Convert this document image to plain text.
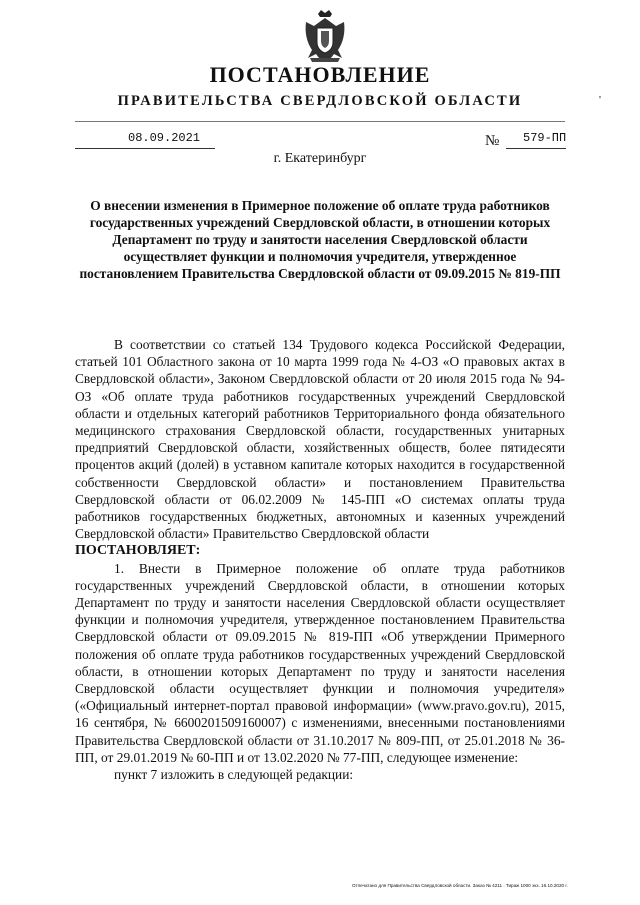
ПОСТАНОВЛЕНИЕ
ПРАВИТЕЛЬСТВА СВЕРДЛОВСКОЙ ОБЛАСТИ	'
08.09.2021	№ 579-ПП
г. Екатеринбург
О внесении изменения в Примерное положение об оплате труда работников государственных учреждений Свердловской области, в отношении которых Департамент по труду и занятости населения Свердловской области осуществляет функции и полномочия учредителя, утвержденное постановлением Правительства Свердловской области от 09.09.2015 № 819-ПП

В соответствии со статьей 134 Трудового кодекса Российской Федерации, статьей 101 Областного закона от 10 марта 1999 года № 4-ОЗ «О правовых актах в Свердловской области», Законом Свердловской области от 20 июля 2015 года № 94-ОЗ «Об оплате труда работников государственных учреждений Свердловской области и отдельных категорий работников Территориального фонда обязательного медицинского страхования Свердловской области, государственных унитарных предприятий Свердловской области, хозяйственных обществ, более пятидесяти процентов акций (долей) в уставном капитале которых находится в государственной собственности Свердловской области» и постановлением Правительства Свердловской области от 06.02.2009 № 145-ПП «О системах оплаты труда работников государственных бюджетных, автономных и казенных учреждений Свердловской области» Правительство Свердловской области

ПОСТАНОВЛЯЕТ:

1. Внести в Примерное положение об оплате труда работников государственных учреждений Свердловской области, в отношении которых Департамент по труду и занятости населения Свердловской области осуществляет функции и полномочия учредителя, утвержденное постановлением Правительства Свердловской области от 09.09.2015 № 819-ПП «Об утверждении Примерного положения об оплате труда работников государственных учреждений Свердловской области, в отношении которых Департамент по труду и занятости населения Свердловской области осуществляет функции и полномочия учредителя» («Официальный интернет-портал правовой информации» (www.pravo.gov.ru), 2015, 16 сентября, № 6600201509160007) с изменениями, внесенными постановлениями Правительства Свердловской области от 31.10.2017 № 809-ПП, от 25.01.2018 № 36-ПП, от 29.01.2019 № 60-ПП и от 13.02.2020 № 77-ПП, следующее изменение:

пункт 7 изложить в следующей редакции:

Отпечатано для Правительства Свердловской области. Заказ № 4211 . Тираж 1000 экз. 16.10.2020 г.
